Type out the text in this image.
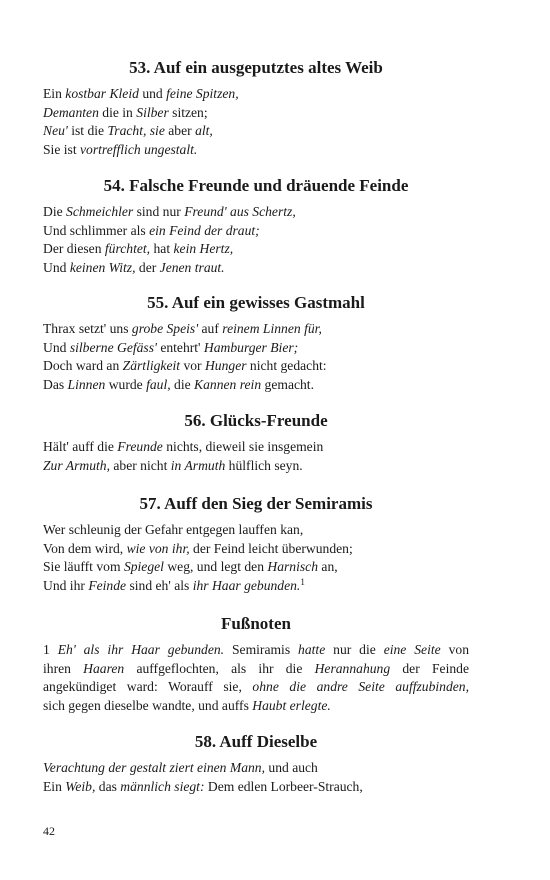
53. Auf ein ausgeputztes altes Weib
Ein kostbar Kleid und feine Spitzen,
Demanten die in Silber sitzen;
Neu' ist die Tracht, sie aber alt,
Sie ist vortrefflich ungestalt.
54. Falsche Freunde und dräuende Feinde
Die Schmeichler sind nur Freund' aus Schertz,
Und schlimmer als ein Feind der draut;
Der diesen fürchtet, hat kein Hertz,
Und keinen Witz, der Jenen traut.
55. Auf ein gewisses Gastmahl
Thrax setzt' uns grobe Speis' auf reinem Linnen für,
Und silberne Gefäss' entehrt' Hamburger Bier;
Doch ward an Zärtligkeit vor Hunger nicht gedacht:
Das Linnen wurde faul, die Kannen rein gemacht.
56. Glücks-Freunde
Hält' auff die Freunde nichts, dieweil sie insgemein
Zur Armuth, aber nicht in Armuth hülflich seyn.
57. Auff den Sieg der Semiramis
Wer schleunig der Gefahr entgegen lauffen kan,
Von dem wird, wie von ihr, der Feind leicht überwunden;
Sie läufft vom Spiegel weg, und legt den Harnisch an,
Und ihr Feinde sind eh' als ihr Haar gebunden.$^1$
Fußnoten
1 Eh' als ihr Haar gebunden. Semiramis hatte nur die eine Seite von
ihren Haaren auffgeflochten, als ihr die Herannahung der Feinde
angekündiget ward: Worauff sie, ohne die andre Seite auffzubinden,
sich gegen dieselbe wandte, und auffs Haubt erlegte.
58. Auff Dieselbe
Verachtung der gestalt ziert einen Mann, und auch
Ein Weib, das männlich siegt: Dem edlen Lorbeer-Strauch,
42
